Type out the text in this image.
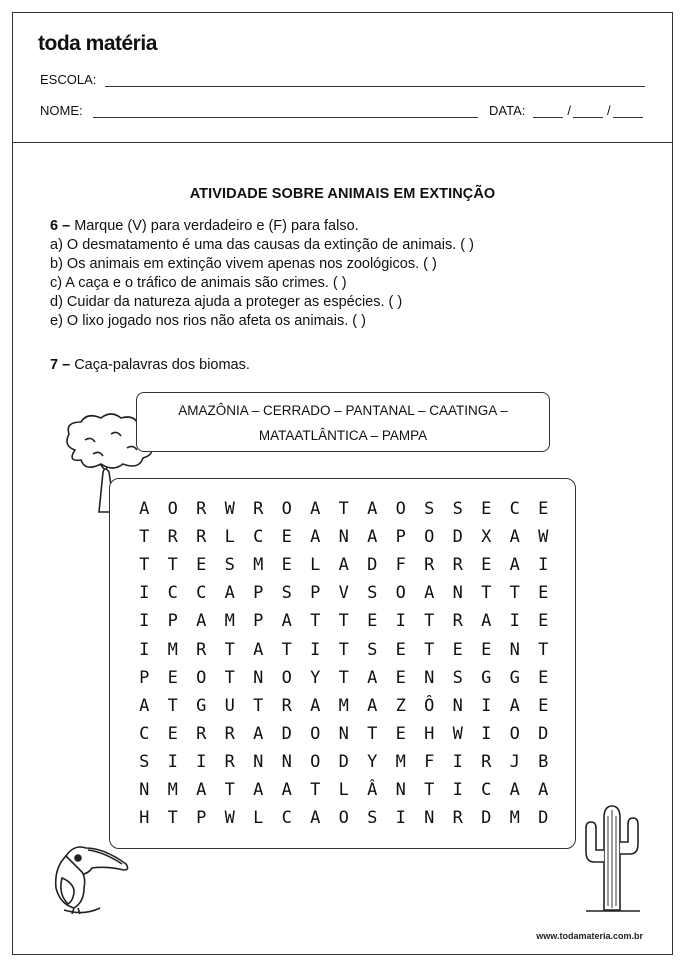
toda matéria
ESCOLA:
NOME:	DATA:	/	/
ATIVIDADE SOBRE ANIMAIS EM EXTINÇÃO
6 – Marque (V) para verdadeiro e (F) para falso.
a) O desmatamento é uma das causas da extinção de animais. ( )
b) Os animais em extinção vivem apenas nos zoológicos. ( )
c) A caça e o tráfico de animais são crimes. ( )
d) Cuidar da natureza ajuda a proteger as espécies. ( )
e) O lixo jogado nos rios não afeta os animais. ( )
7 – Caça-palavras dos biomas.
AMAZÔNIA – CERRADO – PANTANAL – CAATINGA –
MATAATLÂNTICA – PAMPA
A	O	R	W	R	O	A	T	A	O	S	S	E	C	E
T	R	R	L	C	E	A	N	A	P	O	D	X	A	W
T	T	E	S	M	E	L	A	D	F	R	R	E	A	I
I	C	C	A	P	S	P	V	S	O	A	N	T	T	E
I	P	A	M	P	A	T	T	E	I	T	R	A	I	E
I	M	R	T	A	T	I	T	S	E	T	E	E	N	T
P	E	O	T	N	O	Y	T	A	E	N	S	G	G	E
A	T	G	U	T	R	A	M	A	Z	Ô	N	I	A	E
C	E	R	R	A	D	O	N	T	E	H	W	I	O	D
S	I	I	R	N	N	O	D	Y	M	F	I	R	J	B
N	M	A	T	A	A	T	L	Â	N	T	I	C	A	A
H	T	P	W	L	C	A	O	S	I	N	R	D	M	D
www.todamateria.com.br
